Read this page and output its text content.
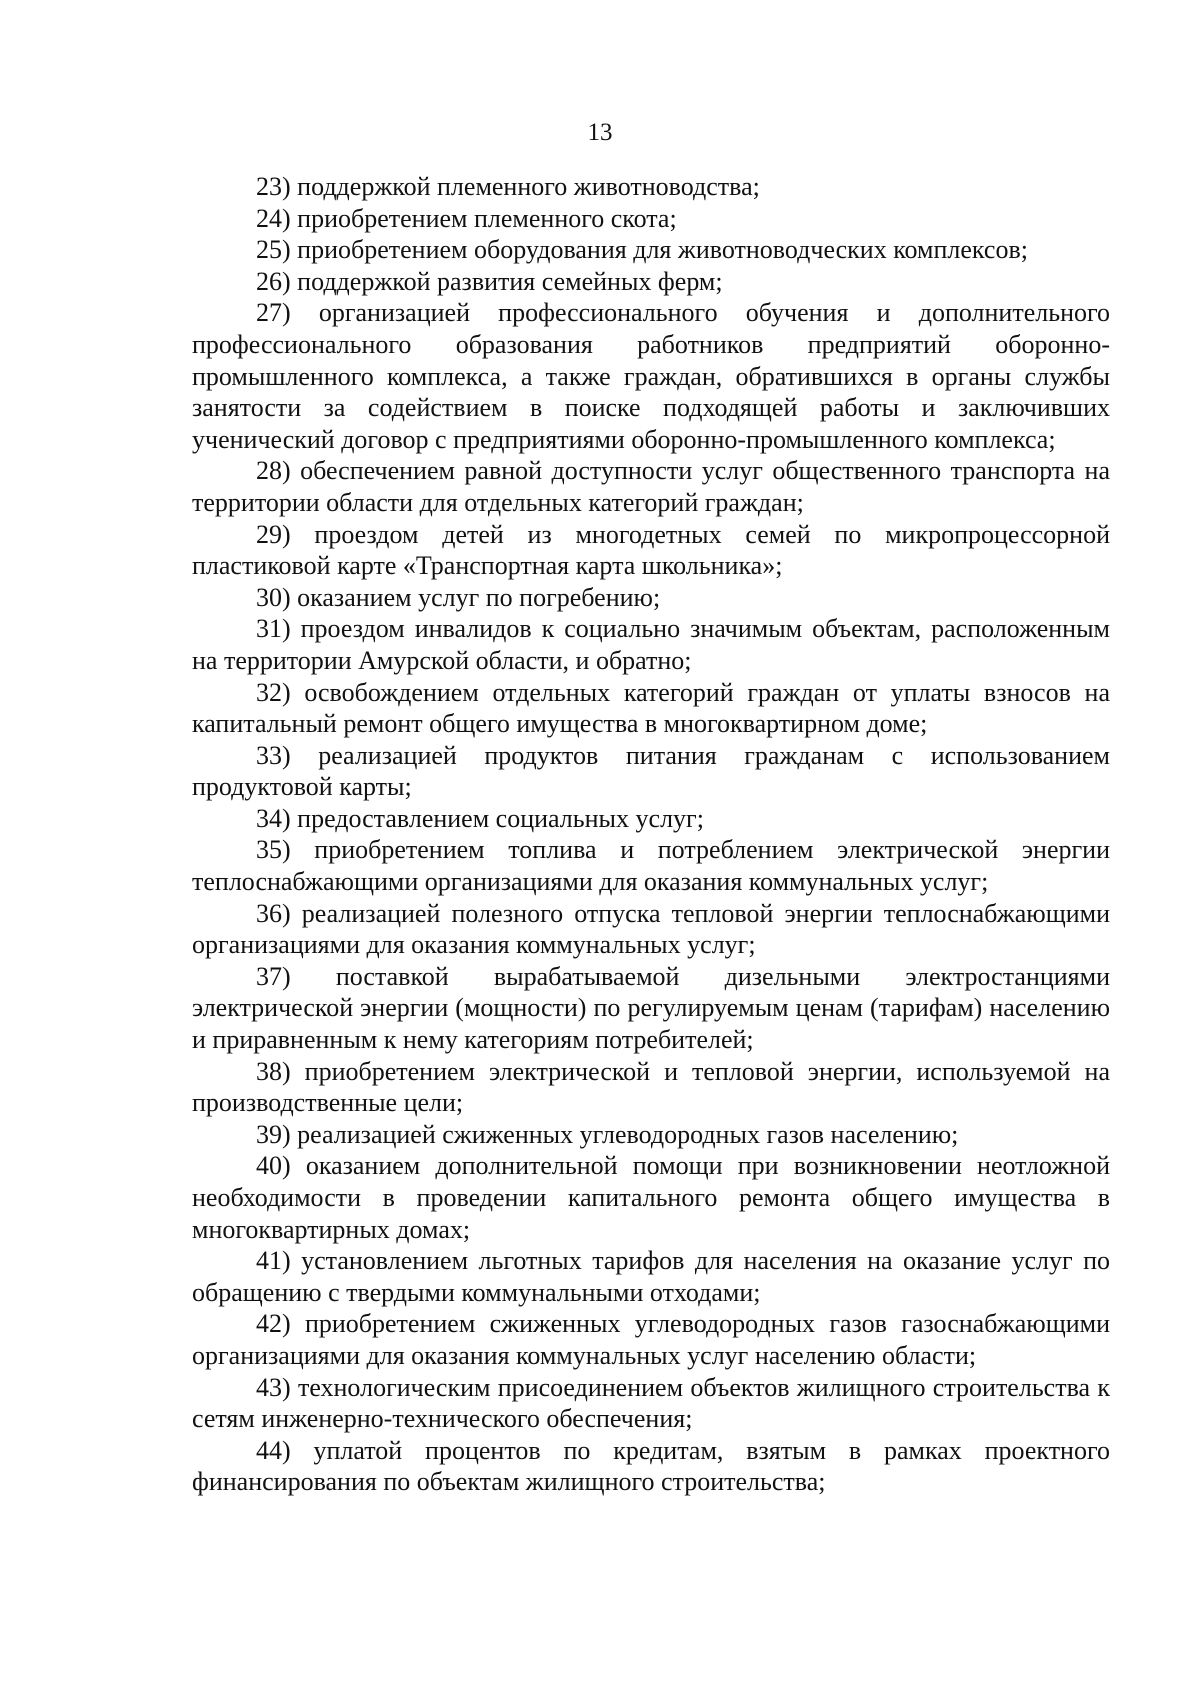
13

23) поддержкой племенного животноводства;

24) приобретением племенного скота;

25) приобретением оборудования для животноводческих комплексов;

26) поддержкой развития семейных ферм;

27) организацией профессионального обучения и дополнительного профессионального образования работников предприятий оборонно-промышленного комплекса, а также граждан, обратившихся в органы службы занятости за содействием в поиске подходящей работы и заключивших ученический договор с предприятиями оборонно-промышленного комплекса;

28) обеспечением равной доступности услуг общественного транспорта на территории области для отдельных категорий граждан;

29) проездом детей из многодетных семей по микропроцессорной пластиковой карте «Транспортная карта школьника»;

30) оказанием услуг по погребению;

31) проездом инвалидов к социально значимым объектам, расположенным на территории Амурской области, и обратно;

32) освобождением отдельных категорий граждан от уплаты взносов на капитальный ремонт общего имущества в многоквартирном доме;

33) реализацией продуктов питания гражданам с использованием продуктовой карты;

34) предоставлением социальных услуг;

35) приобретением топлива и потреблением электрической энергии теплоснабжающими организациями для оказания коммунальных услуг;

36) реализацией полезного отпуска тепловой энергии теплоснабжающими организациями для оказания коммунальных услуг;

37) поставкой вырабатываемой дизельными электростанциями электрической энергии (мощности) по регулируемым ценам (тарифам) населению и приравненным к нему категориям потребителей;

38) приобретением электрической и тепловой энергии, используемой на производственные цели;

39) реализацией сжиженных углеводородных газов населению;

40) оказанием дополнительной помощи при возникновении неотложной необходимости в проведении капитального ремонта общего имущества в многоквартирных домах;

41) установлением льготных тарифов для населения на оказание услуг по обращению с твердыми коммунальными отходами;

42) приобретением сжиженных углеводородных газов газоснабжающими организациями для оказания коммунальных услуг населению области;

43) технологическим присоединением объектов жилищного строительства к сетям инженерно-технического обеспечения;

44) уплатой процентов по кредитам, взятым в рамках проектного финансирования по объектам жилищного строительства;
